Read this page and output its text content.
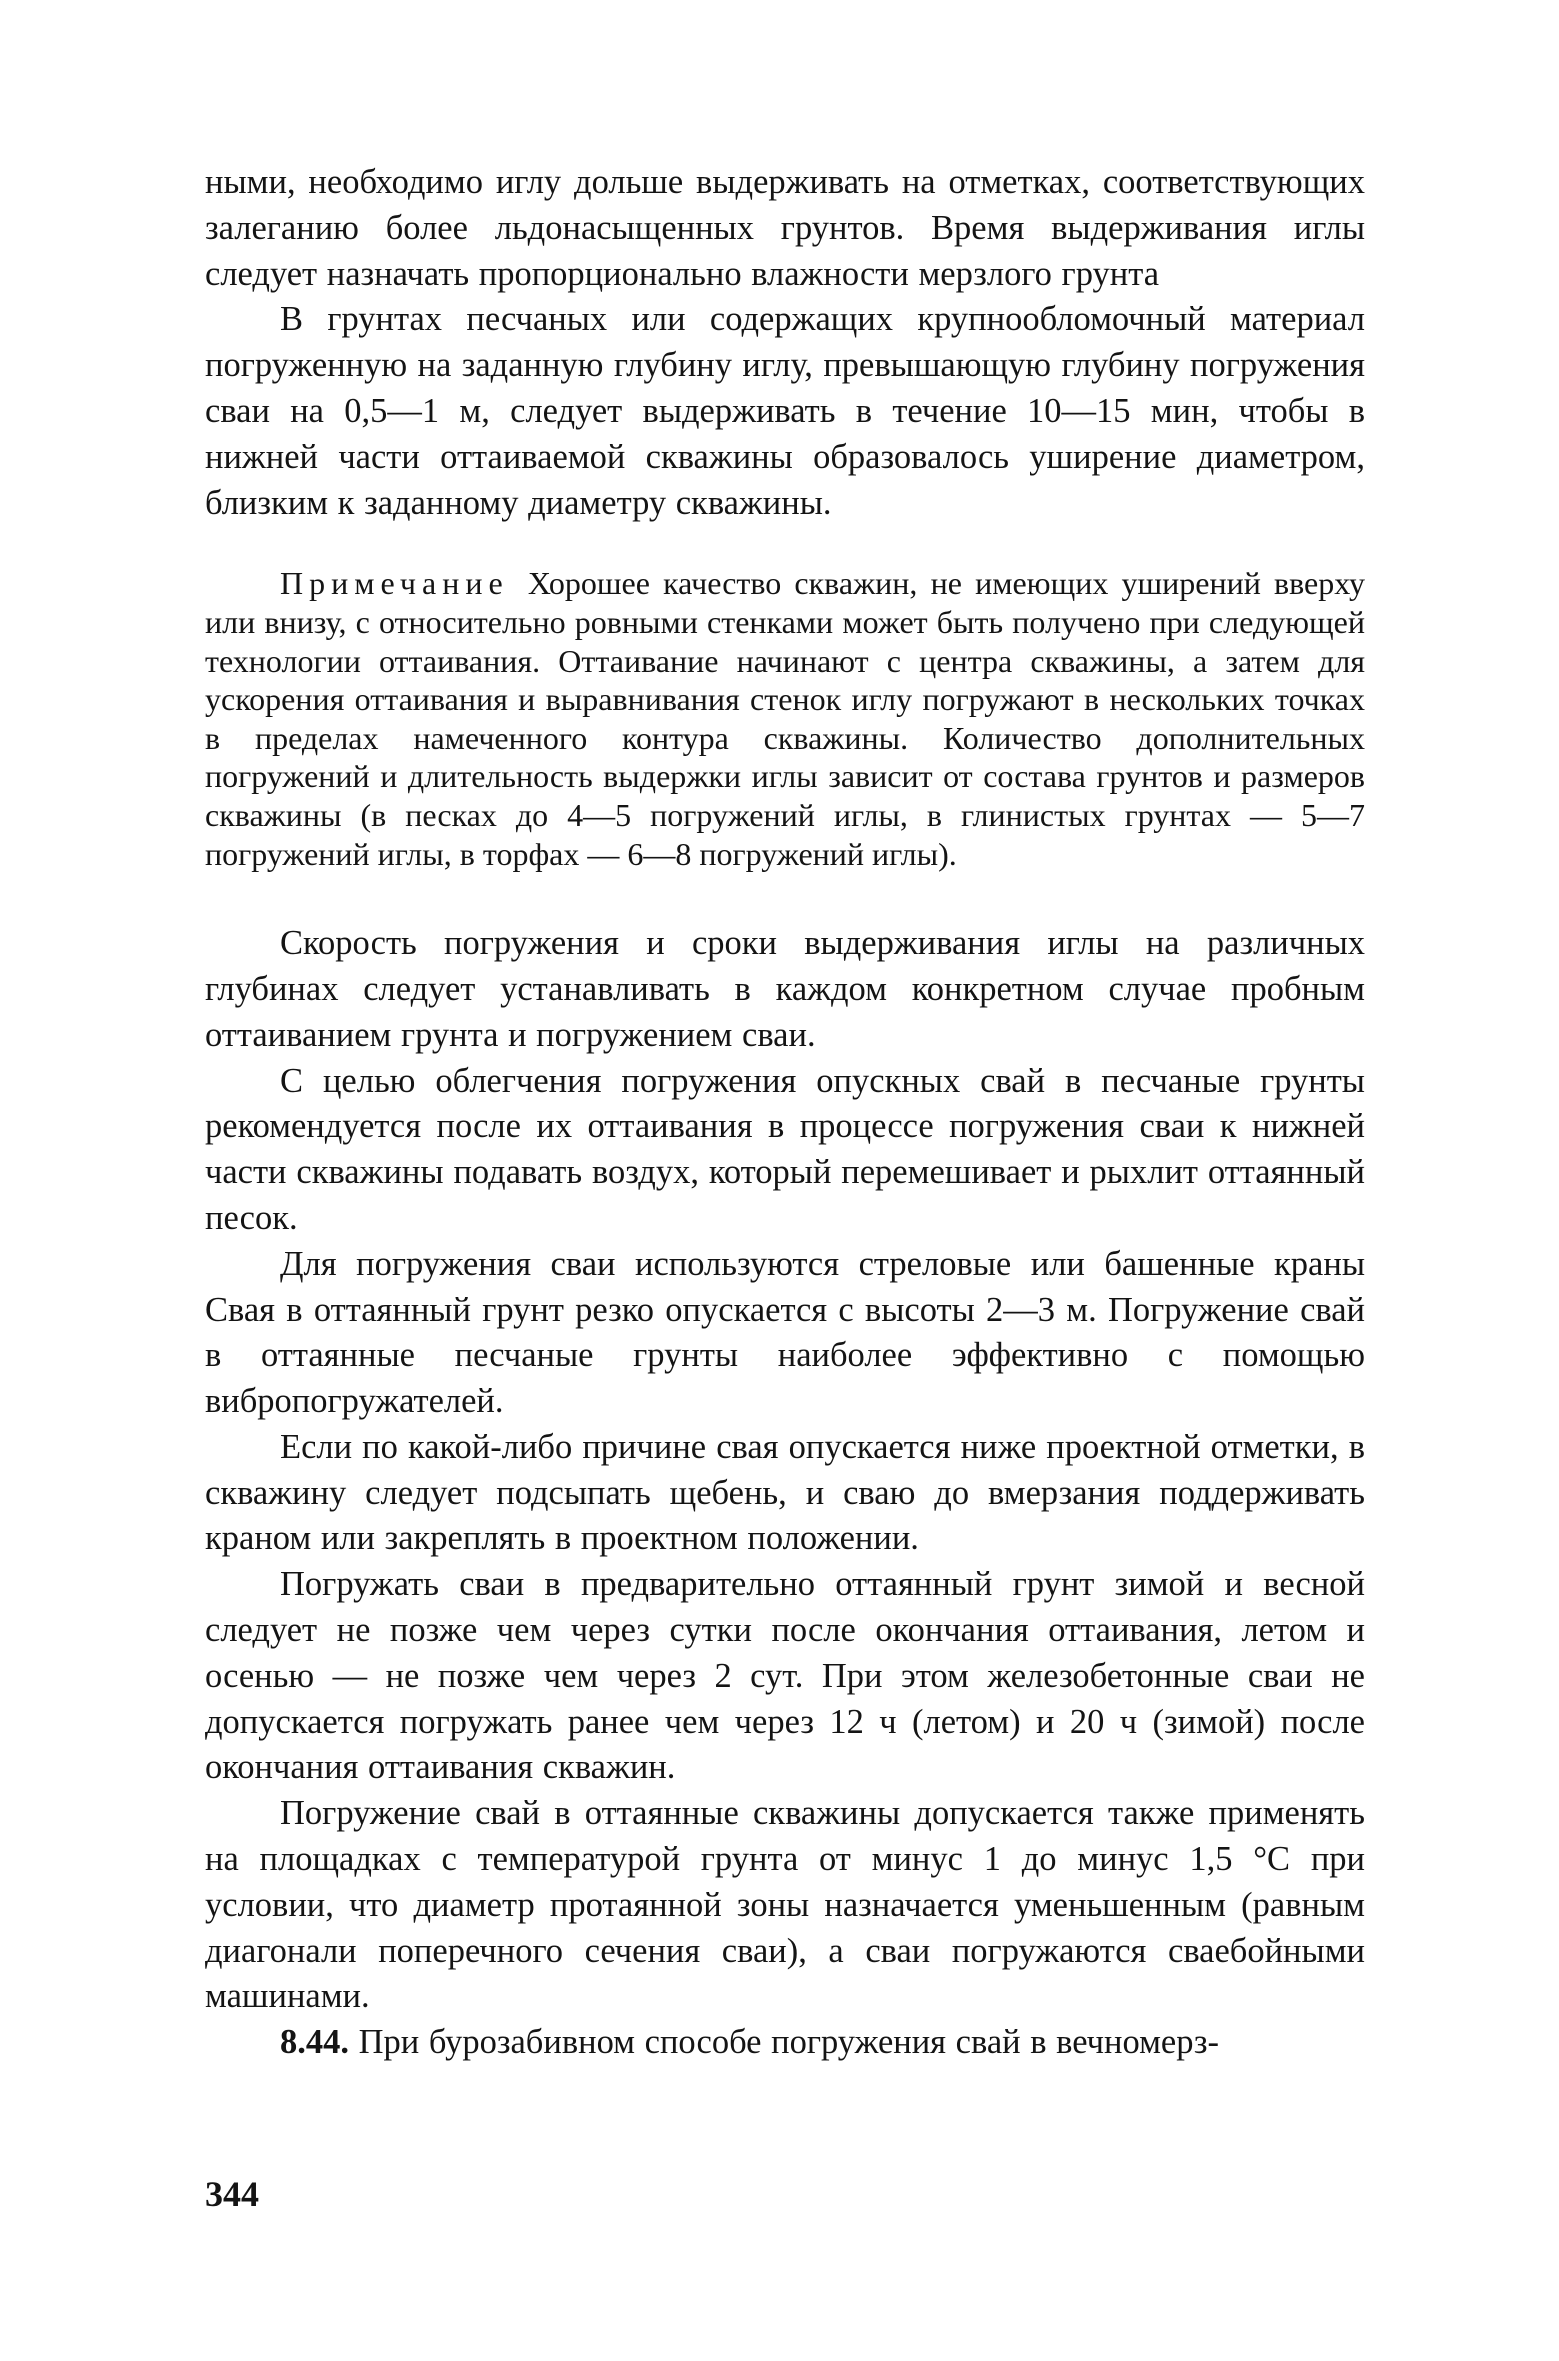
ными, необходимо иглу дольше выдерживать на отметках, соответствующих залеганию более льдонасыщенных грунтов. Время выдерживания иглы следует назначать пропорционально влажности мерзлого грунта

В грунтах песчаных или содержащих крупнообломочный материал погруженную на заданную глубину иглу, превышающую глубину погружения сваи на 0,5—1 м, следует выдерживать в течение 10—15 мин, чтобы в нижней части оттаиваемой скважины образовалось уширение диаметром, близким к заданному диаметру скважины.

Примечание Хорошее качество скважин, не имеющих уширений вверху или внизу, с относительно ровными стенками может быть получено при следующей технологии оттаивания. Оттаивание начинают с центра скважины, а затем для ускорения оттаивания и выравнивания стенок иглу погружают в нескольких точках в пределах намеченного контура скважины. Количество дополнительных погружений и длительность выдержки иглы зависит от состава грунтов и размеров скважины (в песках до 4—5 погружений иглы, в глинистых грунтах — 5—7 погружений иглы, в торфах — 6—8 погружений иглы).

Скорость погружения и сроки выдерживания иглы на различных глубинах следует устанавливать в каждом конкретном случае пробным оттаиванием грунта и погружением сваи.

С целью облегчения погружения опускных свай в песчаные грунты рекомендуется после их оттаивания в процессе погружения сваи к нижней части скважины подавать воздух, который перемешивает и рыхлит оттаянный песок.

Для погружения сваи используются стреловые или башенные краны Свая в оттаянный грунт резко опускается с высоты 2—3 м. Погружение свай в оттаянные песчаные грунты наиболее эффективно с помощью вибропогружателей.

Если по какой-либо причине свая опускается ниже проектной отметки, в скважину следует подсыпать щебень, и сваю до вмерзания поддерживать краном или закреплять в проектном положении.

Погружать сваи в предварительно оттаянный грунт зимой и весной следует не позже чем через сутки после окончания оттаивания, летом и осенью — не позже чем через 2 сут. При этом железобетонные сваи не допускается погружать ранее чем через 12 ч (летом) и 20 ч (зимой) после окончания оттаивания скважин.

Погружение свай в оттаянные скважины допускается также применять на площадках с температурой грунта от минус 1 до минус 1,5 °С при условии, что диаметр протаянной зоны назначается уменьшенным (равным диагонали поперечного сечения сваи), а сваи погружаются сваебойными машинами.

8.44. При бурозабивном способе погружения свай в вечномерз-

344
